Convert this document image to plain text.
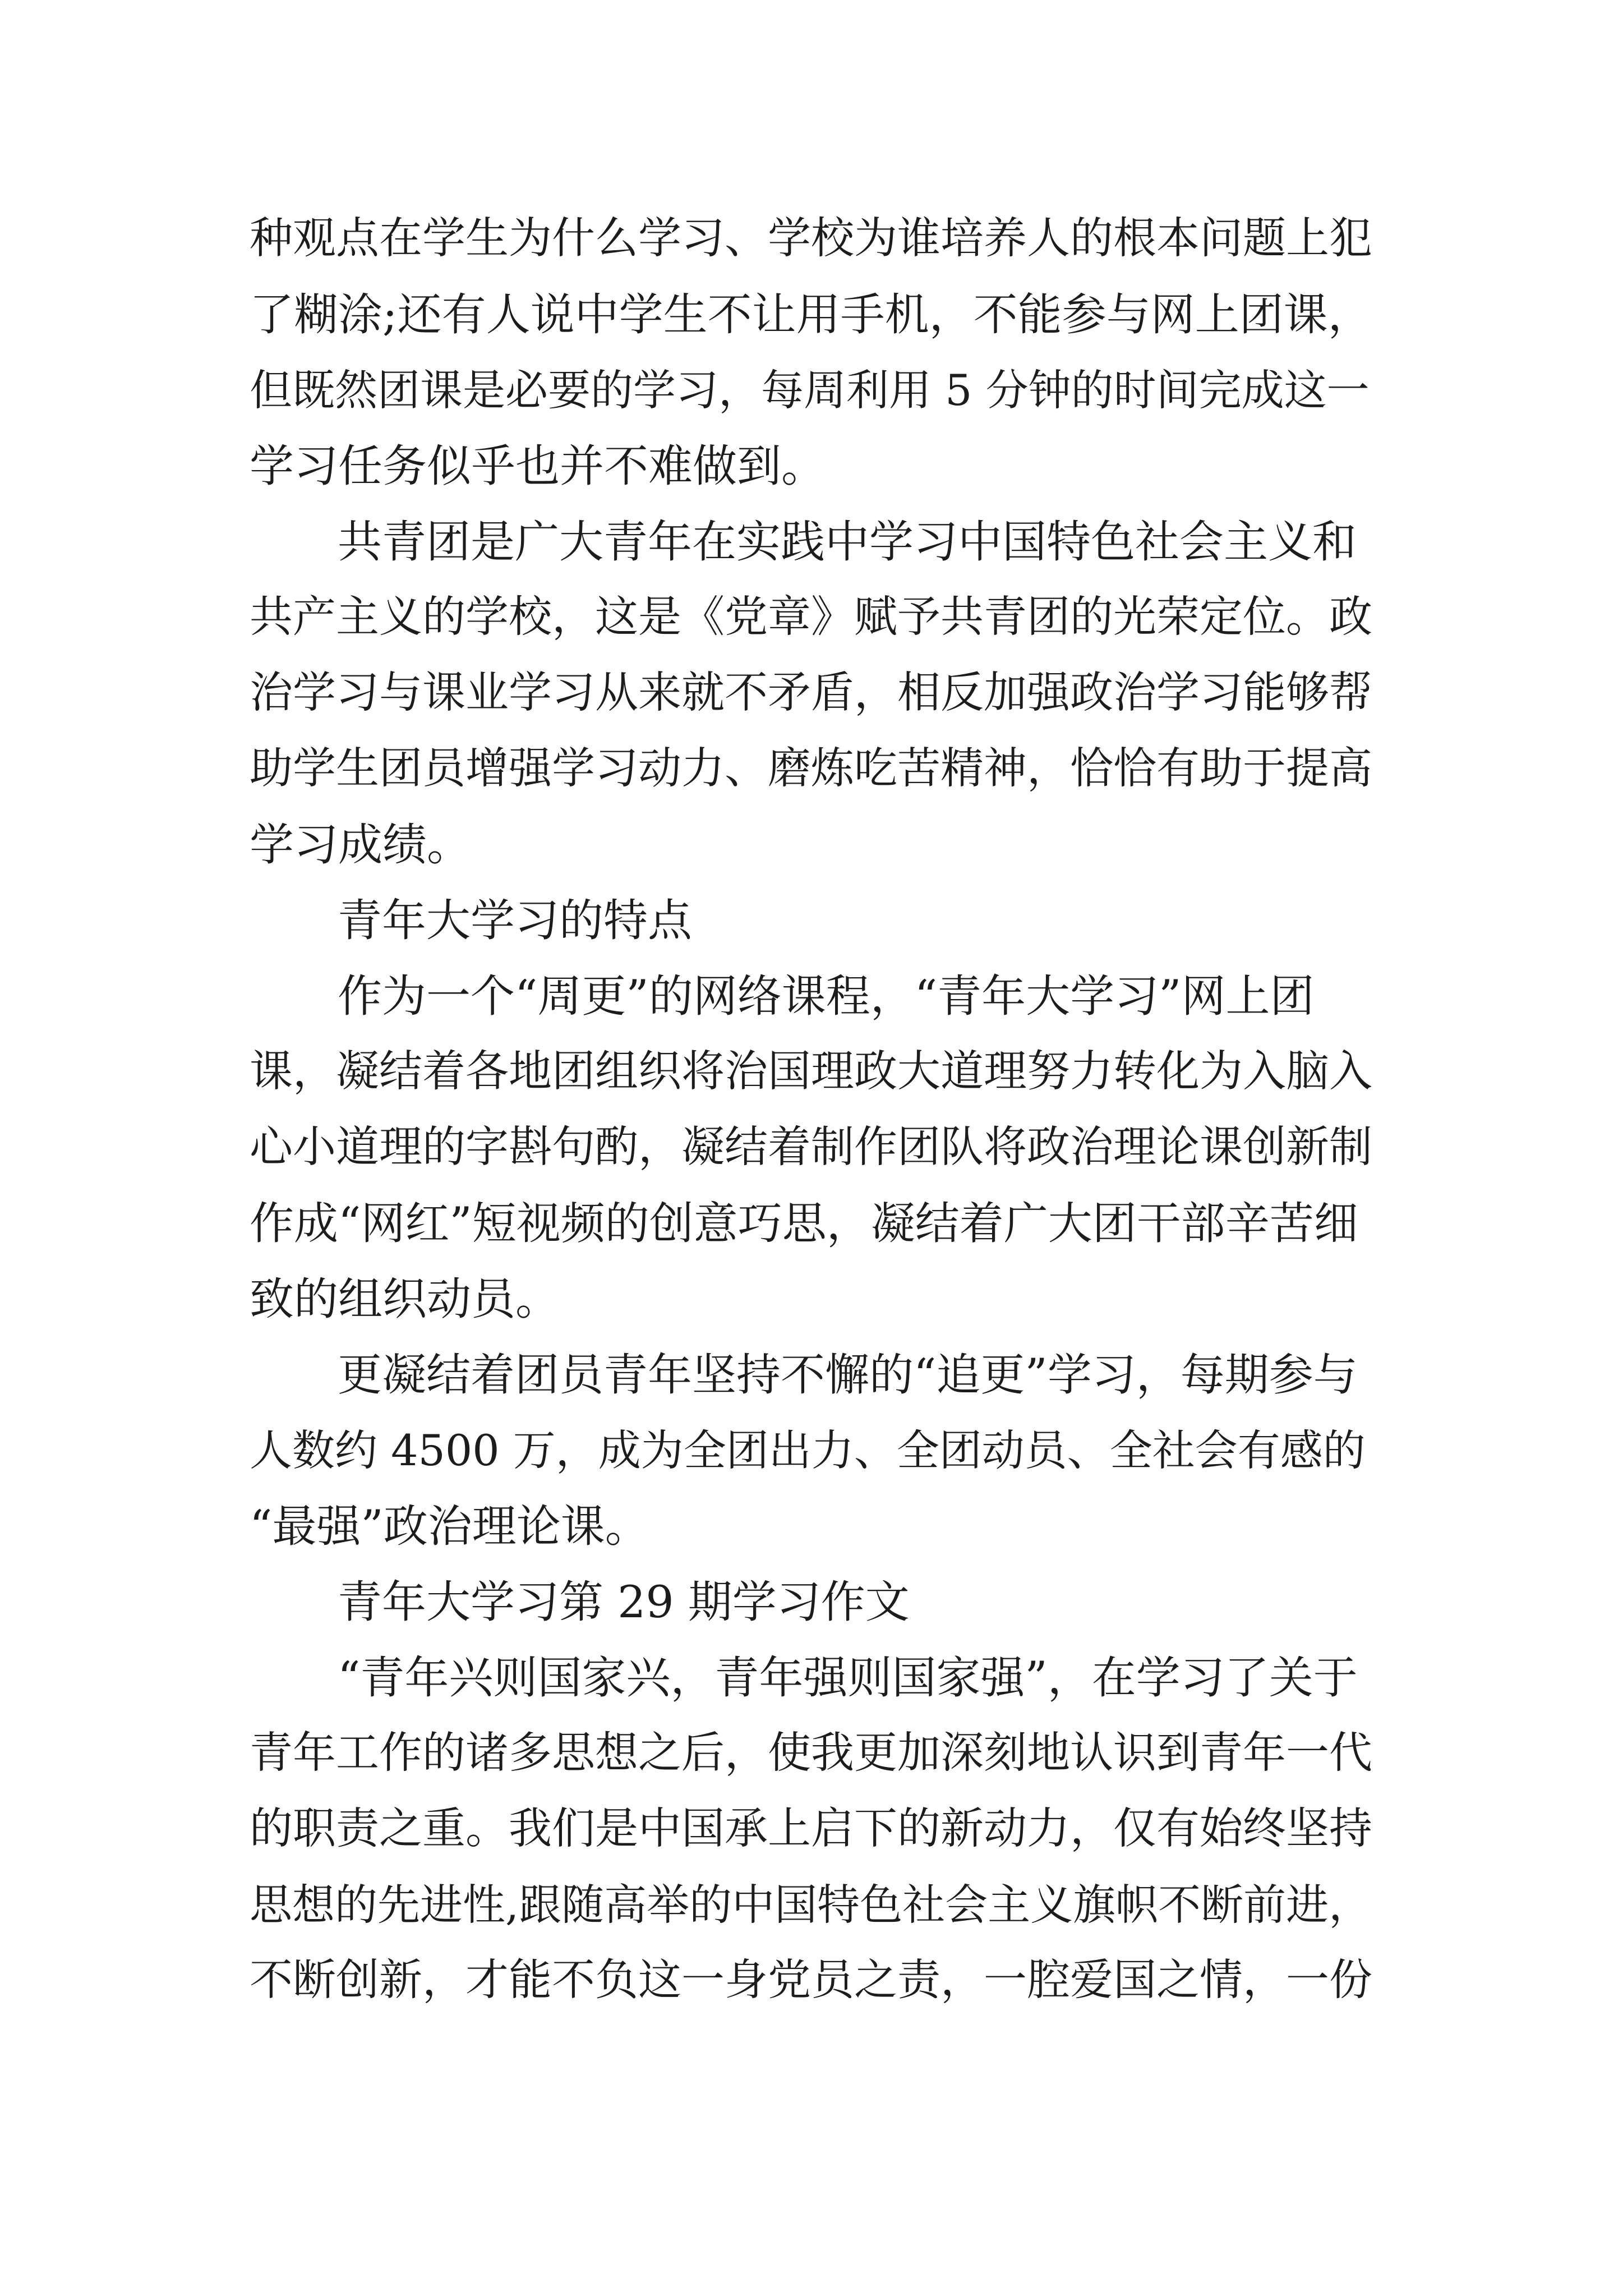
种观点在学生为什么学习、学校为谁培养人的根本问题上犯

了糊涂;还有人说中学生不让用手机，不能参与网上团课，

但既然团课是必要的学习，每周利用 5 分钟的时间完成这一

学习任务似乎也并不难做到。

共青团是广大青年在实践中学习中国特色社会主义和

共产主义的学校，这是《党章》赋予共青团的光荣定位。政

治学习与课业学习从来就不矛盾，相反加强政治学习能够帮

助学生团员增强学习动力、磨炼吃苦精神，恰恰有助于提高

学习成绩。

青年大学习的特点

作为一个“周更”的网络课程，“青年大学习”网上团

课，凝结着各地团组织将治国理政大道理努力转化为入脑入

心小道理的字斟句酌，凝结着制作团队将政治理论课创新制

作成“网红”短视频的创意巧思，凝结着广大团干部辛苦细

致的组织动员。

更凝结着团员青年坚持不懈的“追更”学习，每期参与

人数约 4500 万，成为全团出力、全团动员、全社会有感的

“最强”政治理论课。

青年大学习第 29 期学习作文

“青年兴则国家兴，青年强则国家强”，在学习了关于

青年工作的诸多思想之后，使我更加深刻地认识到青年一代

的职责之重。我们是中国承上启下的新动力，仅有始终坚持

思想的先进性,跟随高举的中国特色社会主义旗帜不断前进，

不断创新，才能不负这一身党员之责，一腔爱国之情，一份
